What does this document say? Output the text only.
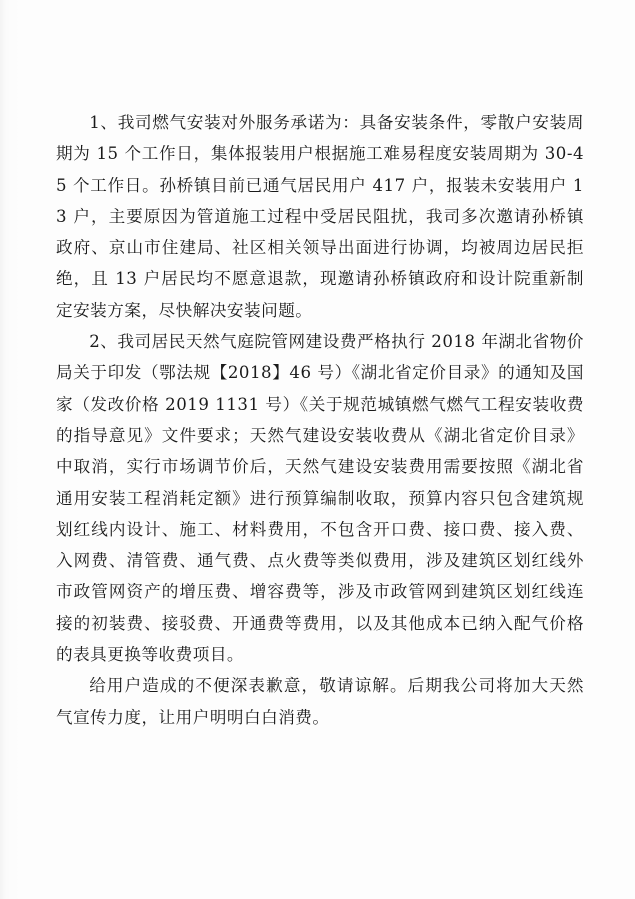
1、我司燃气安装对外服务承诺为：具备安装条件，零散户安装周期为 15 个工作日，集体报装用户根据施工难易程度安装周期为 30-45 个工作日。孙桥镇目前已通气居民用户 417 户，报装未安装用户 13 户，主要原因为管道施工过程中受居民阻扰，我司多次邀请孙桥镇政府、京山市住建局、社区相关领导出面进行协调，均被周边居民拒绝，且 13 户居民均不愿意退款，现邀请孙桥镇政府和设计院重新制定安装方案，尽快解决安装问题。

2、我司居民天然气庭院管网建设费严格执行 2018 年湖北省物价局关于印发（鄂法规【2018】46 号）《湖北省定价目录》的通知及国家（发改价格 2019 1131 号）《关于规范城镇燃气燃气工程安装收费的指导意见》文件要求；天然气建设安装收费从《湖北省定价目录》中取消，实行市场调节价后，天然气建设安装费用需要按照《湖北省通用安装工程消耗定额》进行预算编制收取，预算内容只包含建筑规划红线内设计、施工、材料费用，不包含开口费、接口费、接入费、入网费、清管费、通气费、点火费等类似费用，涉及建筑区划红线外市政管网资产的增压费、增容费等，涉及市政管网到建筑区划红线连接的初装费、接驳费、开通费等费用，以及其他成本已纳入配气价格的表具更换等收费项目。

给用户造成的不便深表歉意，敬请谅解。后期我公司将加大天然气宣传力度，让用户明明白白消费。
